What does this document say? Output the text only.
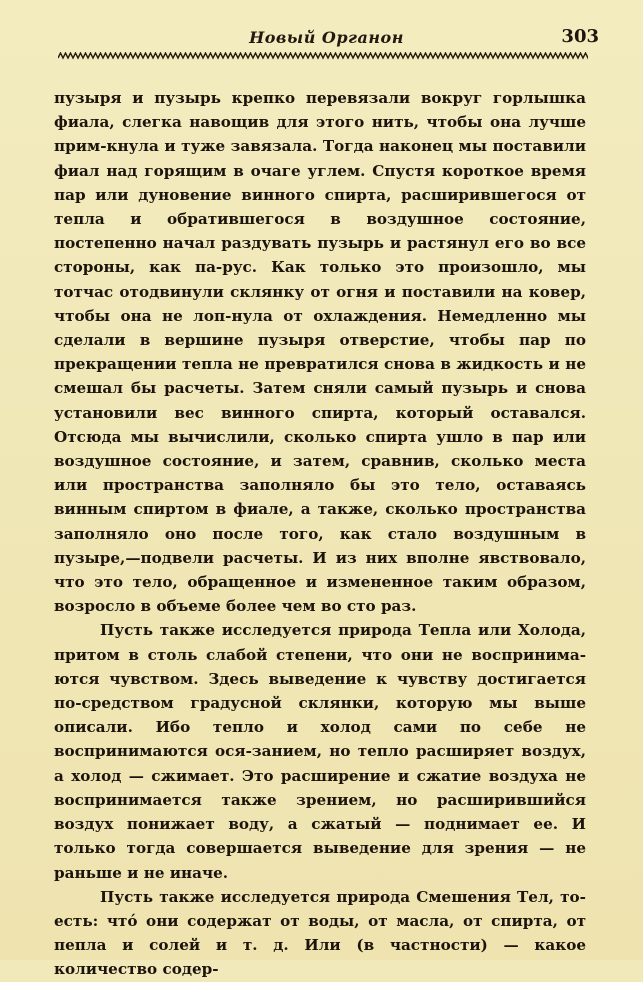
Новый Органон	303

пузыря и пузырь крепко перевязали вокруг горлышка фиала, слегка навощив для этого нить, чтобы она лучше прим-кнула и туже завязала. Тогда наконец мы поставили фиал над горящим в очаге углем. Спустя короткое время пар или дуновение винного спирта, расширившегося от тепла и обратившегося в воздушное состояние, постепенно начал раздувать пузырь и растянул его во все стороны, как па-рус. Как только это произошло, мы тотчас отодвинули склянку от огня и поставили на ковер, чтобы она не лоп-нула от охлаждения. Немедленно мы сделали в вершине пузыря отверстие, чтобы пар по прекращении тепла не превратился снова в жидкость и не смешал бы расчеты. Затем сняли самый пузырь и снова установили вес винного спирта, который оставался. Отсюда мы вычислили, сколько спирта ушло в пар или воздушное состояние, и затем, сравнив, сколько места или пространства заполняло бы это тело, оставаясь винным спиртом в фиале, а также, сколько пространства заполняло оно после того, как стало воздушным в пузыре,—подвели расчеты. И из них вполне явствовало, что это тело, обращенное и измененное таким образом, возросло в объеме более чем во сто раз.

Пусть также исследуется природа Тепла или Холода, притом в столь слабой степени, что они не воспринима-ются чувством. Здесь выведение к чувству достигается по-средством градусной склянки, которую мы выше описали. Ибо тепло и холод сами по себе не воспринимаются ося-занием, но тепло расширяет воздух, а холод — сжимает. Это расширение и сжатие воздуха не воспринимается также зрением, но расширившийся воздух понижает воду, а сжатый — поднимает ее. И только тогда совершается выведение для зрения — не раньше и не иначе.

Пусть также исследуется природа Смешения Тел, то-есть: чтó они содержат от воды, от масла, от спирта, от пепла и солей и т. д. Или (в частности) — какое количество содер-
